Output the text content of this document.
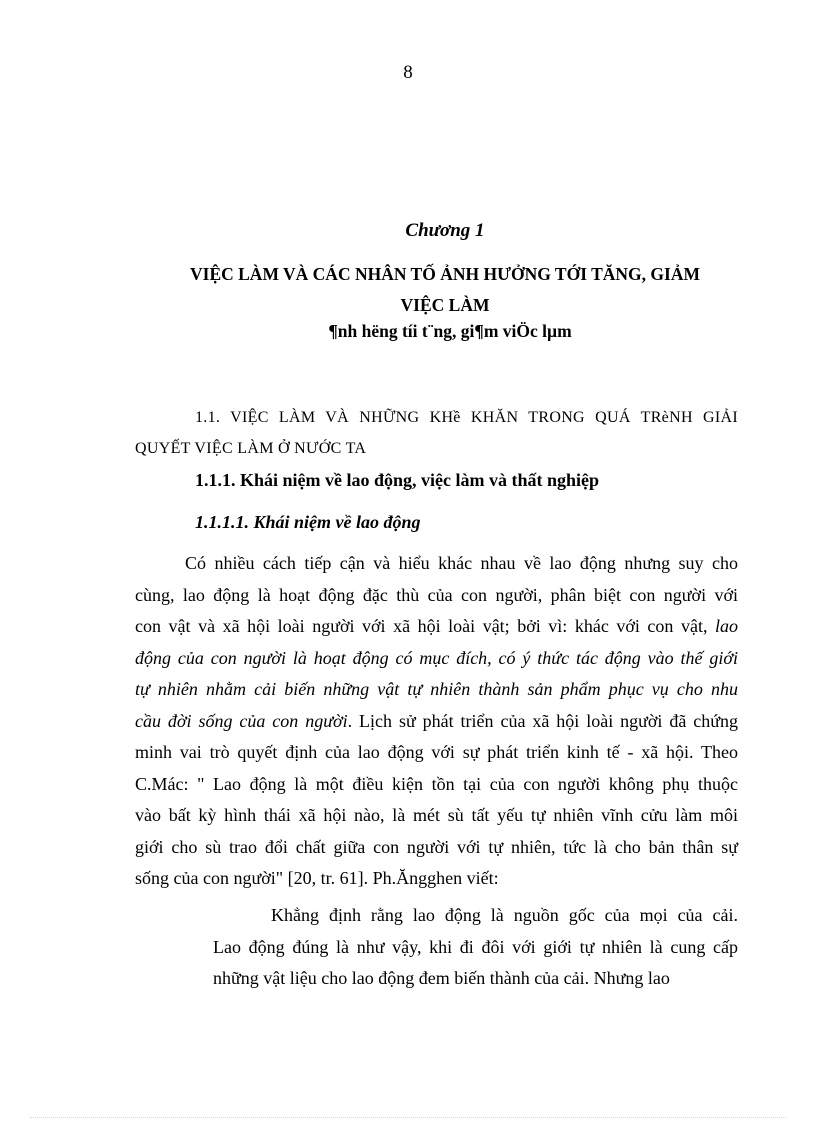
8
Chương 1
VIỆC LÀM VÀ CÁC NHÂN TỐ ẢNH HƯỞNG TỚI TĂNG, GIẢM
VIỆC LÀM
¶nh hëng tíi t¨ng, gi¶m viÖc lµm
1.1. VIỆC LÀM VÀ NHỮNG KHề KHĂN TRONG QUÁ TRèNH GIẢI
QUYẾT VIỆC LÀM Ở NƯỚC TA
1.1.1. Khái niệm về lao động, việc làm và thất nghiệp
1.1.1.1. Khái niệm về lao động
Có nhiều cách tiếp cận và hiểu khác nhau về lao động nhưng suy cho
cùng, lao động là hoạt động đặc thù của con người, phân biệt con người với
con vật và xã hội loài người với xã hội loài vật; bởi vì: khác với con vật, lao
động của con người là hoạt động có mục đích, có ý thức tác động vào thế giới
tự nhiên nhằm cải biến những vật tự nhiên thành sản phẩm phục vụ cho nhu
cầu đời sống của con người. Lịch sử phát triển của xã hội loài người đã chứng
minh vai trò quyết định của lao động với sự phát triển kinh tế - xã hội. Theo
C.Mác: " Lao động là một điều kiện tồn tại của con người không phụ thuộc
vào bất kỳ hình thái xã hội nào, là mét sù tất yếu tự nhiên vĩnh cửu làm môi
giới cho sù trao đổi chất giữa con người với tự nhiên, tức là cho bản thân sự
sống của con người" [20, tr. 61]. Ph.Ăngghen viết:
Khẳng định rằng lao động là nguồn gốc của mọi của cải.
Lao động đúng là như vậy, khi đi đôi với giới tự nhiên là cung cấp
những vật liệu cho lao động đem biến thành của cải. Nhưng lao
